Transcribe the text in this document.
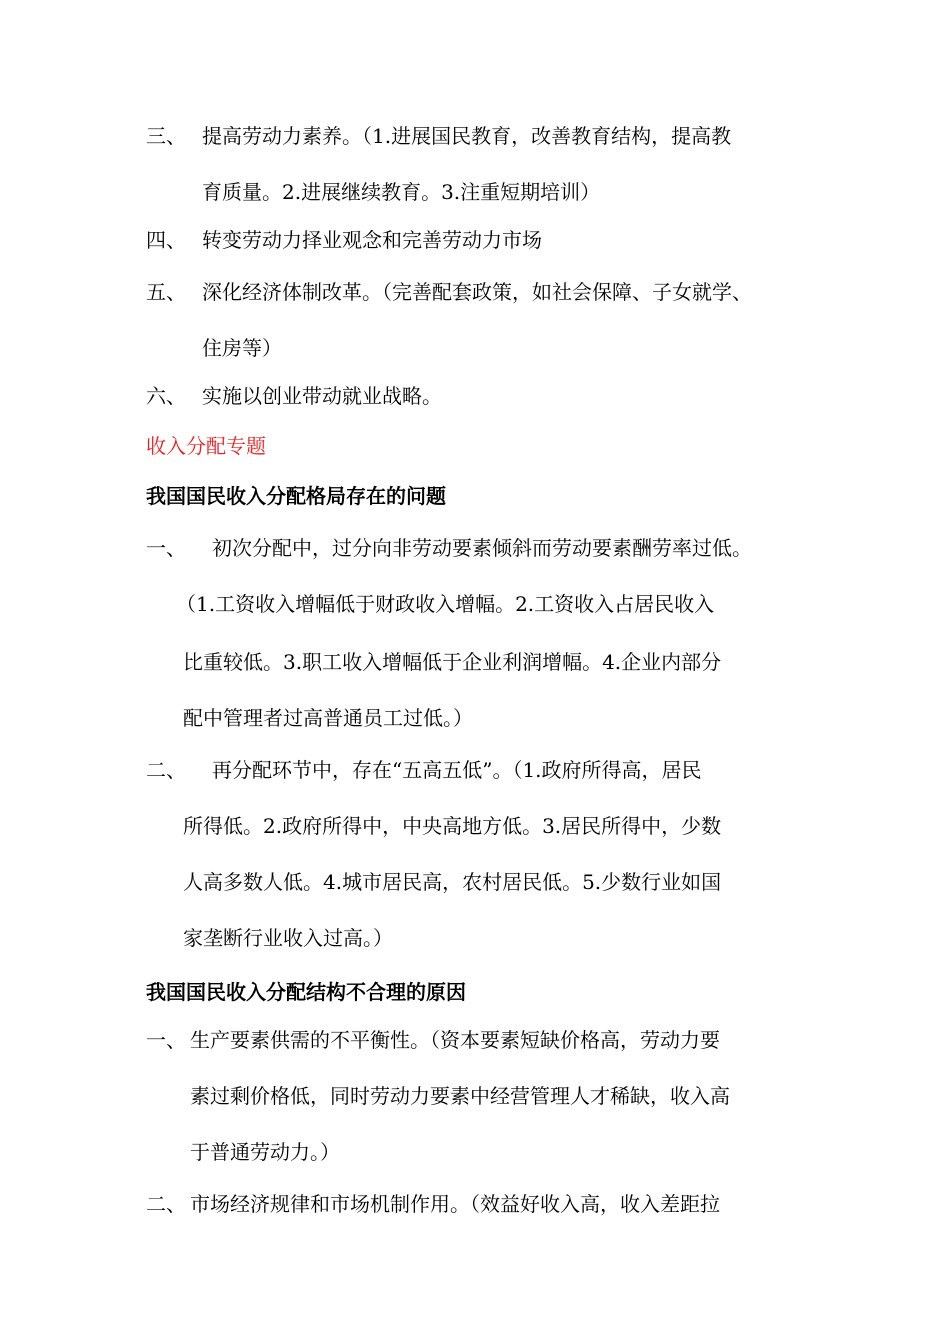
三、 提高劳动力素养。（1.进展国民教育，改善教育结构，提高教
育质量。2.进展继续教育。3.注重短期培训）
四、 转变劳动力择业观念和完善劳动力市场
五、 深化经济体制改革。（完善配套政策，如社会保障、子女就学、
住房等）
六、 实施以创业带动就业战略。
收入分配专题
我国国民收入分配格局存在的问题
一、 初次分配中，过分向非劳动要素倾斜而劳动要素酬劳率过低。
（1.工资收入增幅低于财政收入增幅。2.工资收入占居民收入
比重较低。3.职工收入增幅低于企业利润增幅。4.企业内部分
配中管理者过高普通员工过低。）
二、 再分配环节中，存在“五高五低”。（1.政府所得高，居民
所得低。2.政府所得中，中央高地方低。3.居民所得中，少数
人高多数人低。4.城市居民高，农村居民低。5.少数行业如国
家垄断行业收入过高。）
我国国民收入分配结构不合理的原因
一、 生产要素供需的不平衡性。（资本要素短缺价格高，劳动力要
素过剩价格低，同时劳动力要素中经营管理人才稀缺，收入高
于普通劳动力。）
二、 市场经济规律和市场机制作用。（效益好收入高，收入差距拉
